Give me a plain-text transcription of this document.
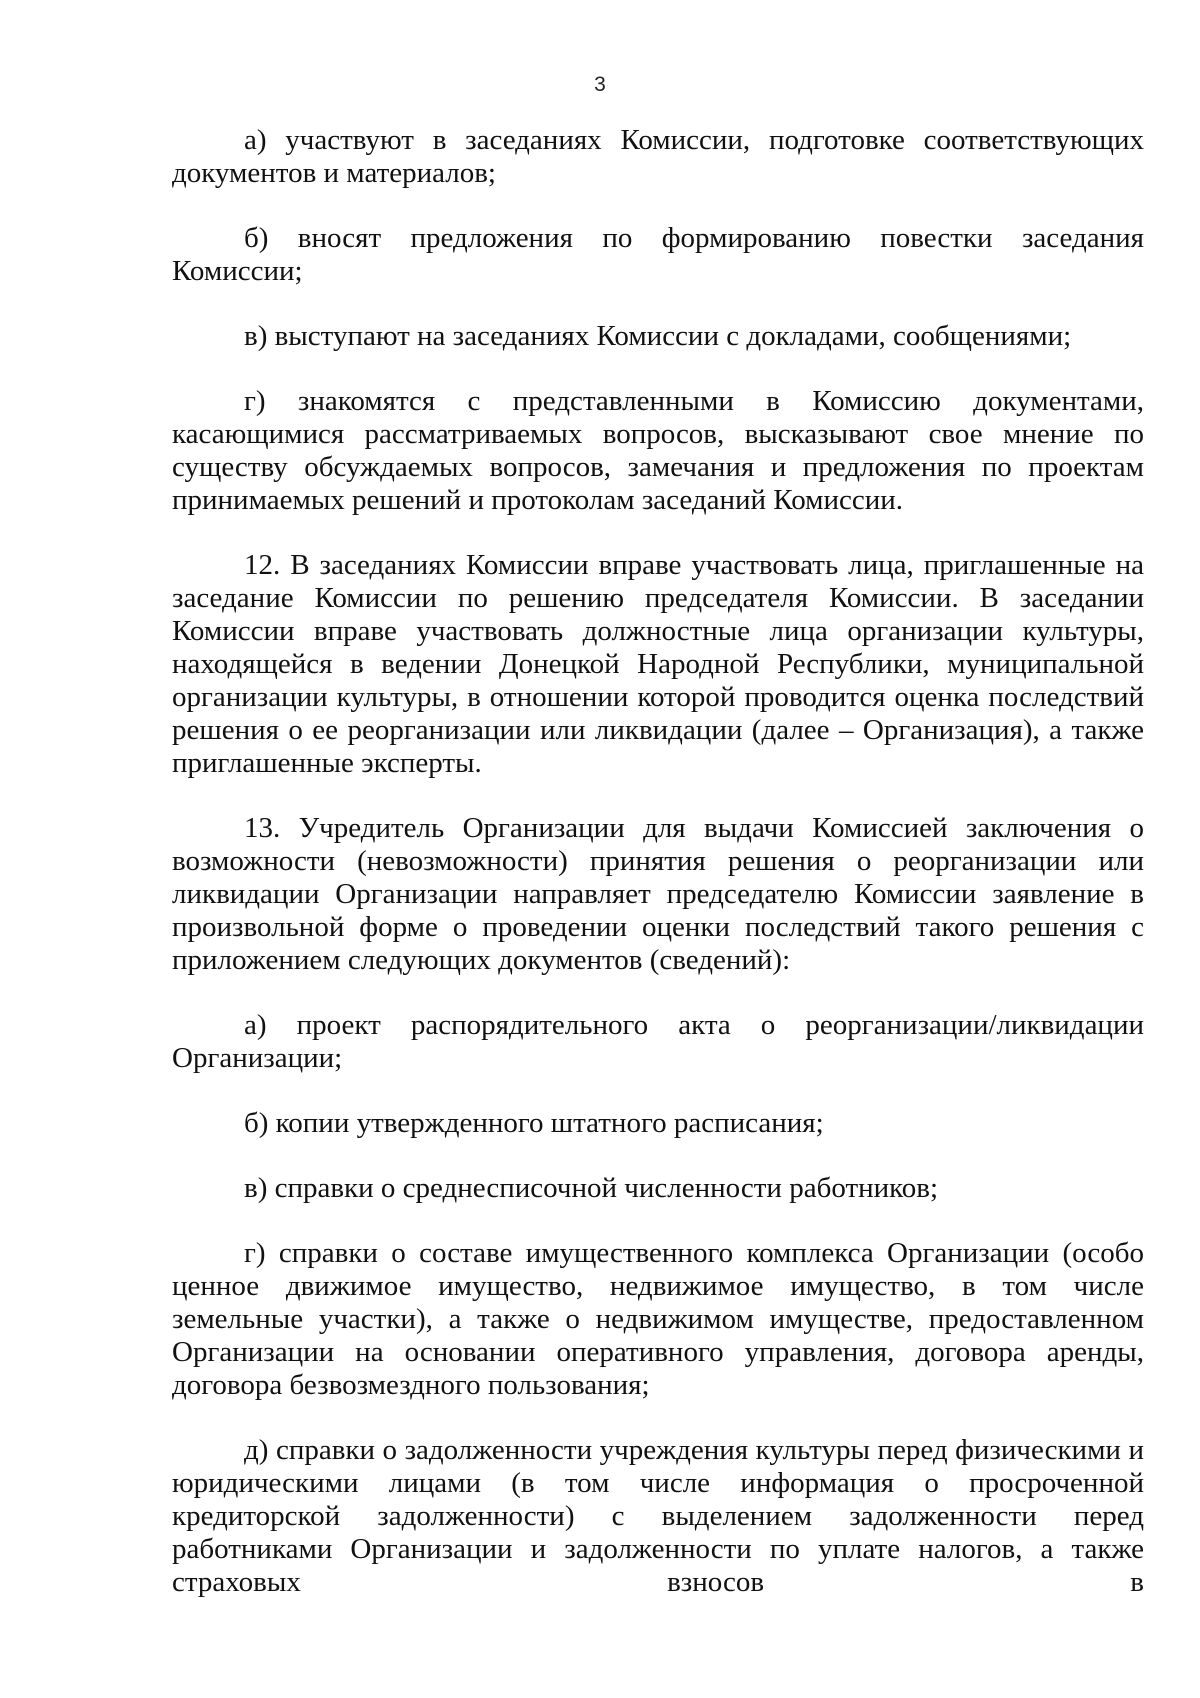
3

а) участвуют в заседаниях Комиссии, подготовке соответствующих документов и материалов;

б) вносят предложения по формированию повестки заседания Комиссии;

в) выступают на заседаниях Комиссии с докладами, сообщениями;

г) знакомятся с представленными в Комиссию документами, касающимися рассматриваемых вопросов, высказывают свое мнение по существу обсуждаемых вопросов, замечания и предложения по проектам принимаемых решений и протоколам заседаний Комиссии.

12. В заседаниях Комиссии вправе участвовать лица, приглашенные на заседание Комиссии по решению председателя Комиссии. В заседании Комиссии вправе участвовать должностные лица организации культуры, находящейся в ведении Донецкой Народной Республики, муниципальной организации культуры, в отношении которой проводится оценка последствий решения о ее реорганизации или ликвидации (далее – Организация), а также приглашенные эксперты.

13. Учредитель Организации для выдачи Комиссией заключения о возможности (невозможности) принятия решения о реорганизации или ликвидации Организации направляет председателю Комиссии заявление в произвольной форме о проведении оценки последствий такого решения с приложением следующих документов (сведений):

а) проект распорядительного акта о реорганизации/ликвидации Организации;

б) копии утвержденного штатного расписания;

в) справки о среднесписочной численности работников;

г) справки о составе имущественного комплекса Организации (особо ценное движимое имущество, недвижимое имущество, в том числе земельные участки), а также о недвижимом имуществе, предоставленном Организации на основании оперативного управления, договора аренды, договора безвозмездного пользования;

д) справки о задолженности учреждения культуры перед физическими и юридическими лицами (в том числе информация о просроченной кредиторской задолженности) с выделением задолженности перед работниками Организации и задолженности по уплате налогов, а также страховых взносов в
